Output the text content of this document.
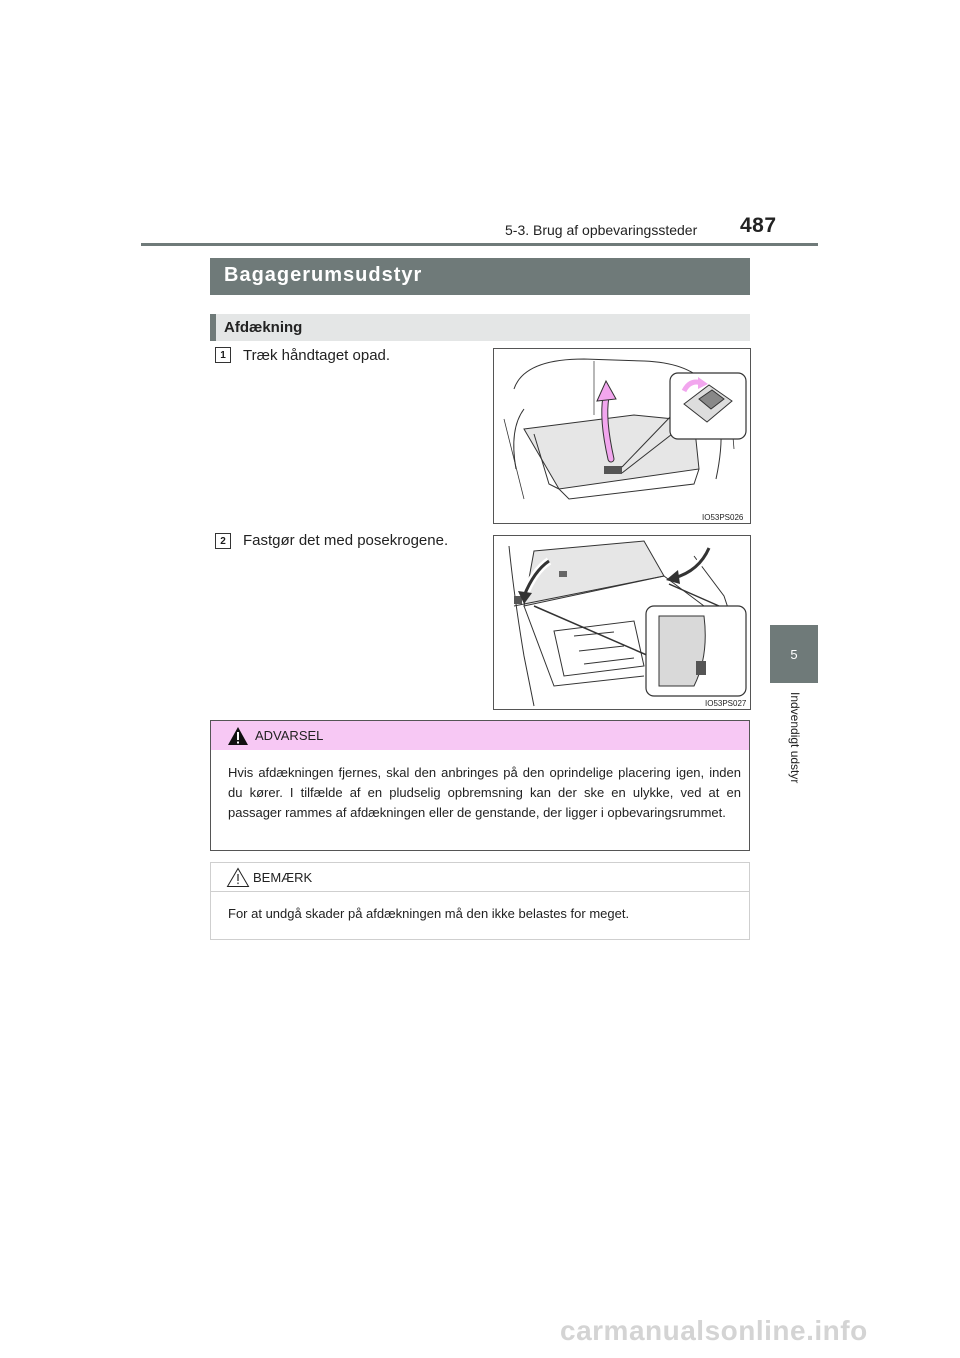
5-3. Brug af opbevaringssteder 487
5
Indvendigt udstyr
Bagagerumsudstyr
Afdækning
1	Træk håndtaget opad.
IO53PS026
2	Fastgør det med posekrogene.
IO53PS027
ADVARSEL
Hvis afdækningen fjernes, skal den anbringes på den oprindelige placering igen, inden du kører. I tilfælde af en pludselig opbremsning kan der ske en ulykke, ved at en passager rammes af afdækningen eller de genstande, der ligger i opbevaringsrummet.
BEMÆRK
For at undgå skader på afdækningen må den ikke belastes for meget.
carmanualsonline.info
